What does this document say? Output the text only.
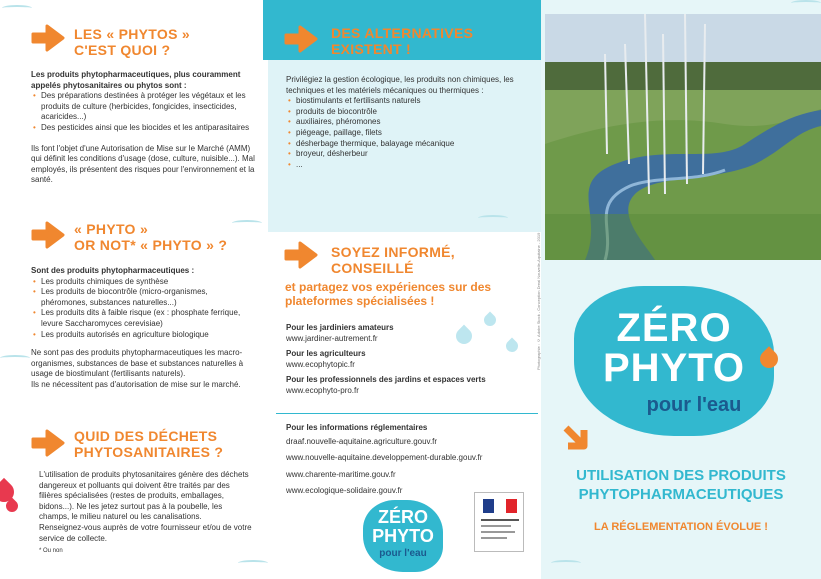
LES « PHYTOS »
C'EST QUOI ?
Les produits phytopharmaceutiques, plus couramment appelés phytosanitaires ou phytos sont :
• Des préparations destinées à protéger les végétaux et les produits de culture (herbicides, fongicides, insecticides, acaricides...)
• Des pesticides ainsi que les biocides et les antiparasitaires
Ils font l'objet d'une Autorisation de Mise sur le Marché (AMM) qui définit les conditions d'usage (dose, culture, nuisible...). Mal employés, ils présentent des risques pour l'environnement et la santé.
« PHYTO »
OR NOT* « PHYTO » ?
Sont des produits phytopharmaceutiques :
• Les produits chimiques de synthèse
• Les produits de biocontrôle (micro-organismes, phéromones, substances naturelles...)
• Les produits dits à faible risque (ex : phosphate ferrique, levure Saccharomyces cerevisiae)
• Les produits autorisés en agriculture biologique
Ne sont pas des produits phytopharmaceutiques les macro-organismes, substances de base et substances naturelles à usage de biostimulant (fertilisants naturels).
Ils ne nécessitent pas d'autorisation de mise sur le marché.
QUID DES DÉCHETS
PHYTOSANITAIRES ?
L'utilisation de produits phytosanitaires génère des déchets dangereux et polluants qui doivent être traités par des filières spécialisées (restes de produits, emballages, bidons...). Ne les jetez surtout pas à la poubelle, les champs, le milieu naturel ou les canalisations.
Renseignez-vous auprès de votre fournisseur et/ou de votre service de collecte.
* Ou non
DES ALTERNATIVES
EXISTENT !
Privilégiez la gestion écologique, les produits non chimiques, les techniques et les matériels mécaniques ou thermiques :
• biostimulants et fertilisants naturels
• produits de biocontrôle
• auxiliaires, phéromones
• piégeage, paillage, filets
• désherbage thermique, balayage mécanique
• broyeur, désherbeur
• ...
SOYEZ INFORMÉ,
CONSEILLÉ
et partagez vos expériences sur des plateformes spécialisées !
Pour les jardiniers amateurs
www.jardiner-autrement.fr
Pour les agriculteurs
www.ecophytopic.fr
Pour les professionnels des jardins et espaces verts
www.ecophyto-pro.fr
Pour les informations réglementaires
draaf.nouvelle-aquitaine.agriculture.gouv.fr
www.nouvelle-aquitaine.developpement-durable.gouv.fr
www.charente-maritime.gouv.fr
www.ecologique-solidaire.gouv.fr
ZÉRO
PHYTO
pour l'eau
Photographie : © Adobe Stock - Conception Dreal Nouvelle-Aquitaine - 2019	ZÉRO
PHYTO
pour l'eau
UTILISATION DES PRODUITS
PHYTOPHARMACEUTIQUES
LA RÉGLEMENTATION ÉVOLUE !
